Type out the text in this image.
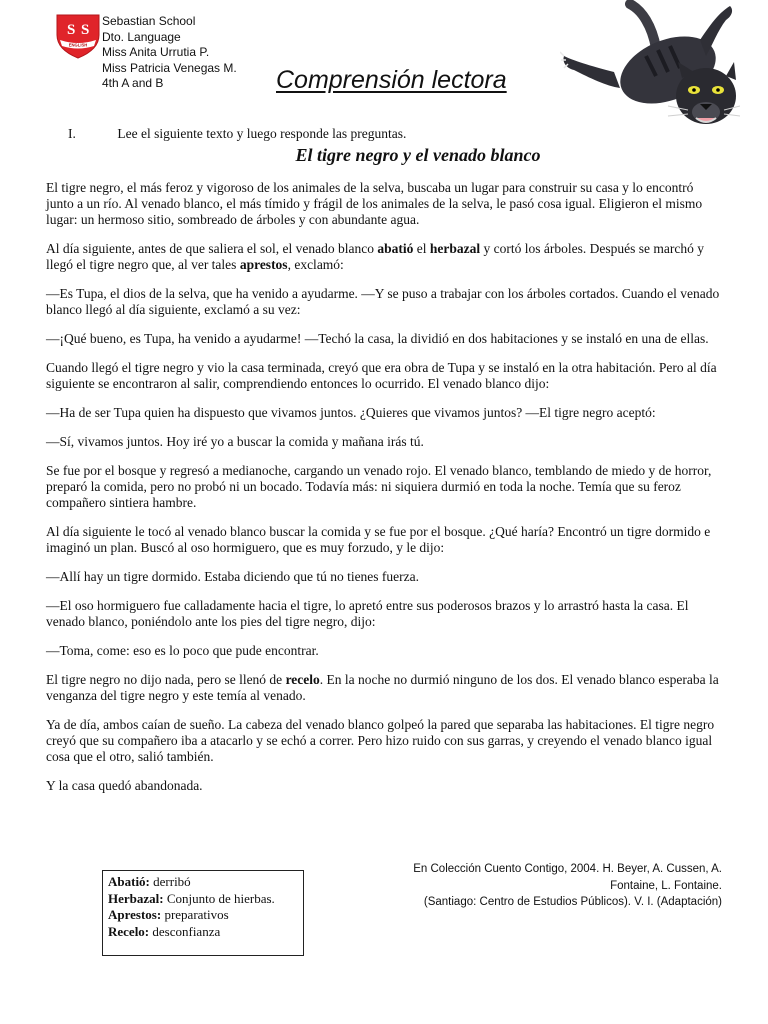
S S
ENGLISH
Sebastian School
Dto. Language
Miss Anita Urrutia P.
Miss Patricia Venegas M.
4th A and B	Comprensión lectora
I.	Lee el siguiente texto y luego responde las preguntas.
El tigre negro y el venado blanco

El tigre negro, el más feroz y vigoroso de los animales de la selva, buscaba un lugar para construir su casa y lo encontró junto a un río. Al venado blanco, el más tímido y frágil de los animales de la selva, le pasó cosa igual. Eligieron el mismo lugar: un hermoso sitio, sombreado de árboles y con abundante agua.

Al día siguiente, antes de que saliera el sol, el venado blanco abatió el herbazal y cortó los árboles. Después se marchó y llegó el tigre negro que, al ver tales aprestos, exclamó:

—Es Tupa, el dios de la selva, que ha venido a ayudarme. —Y se puso a trabajar con los árboles cortados. Cuando el venado blanco llegó al día siguiente, exclamó a su vez:

—¡Qué bueno, es Tupa, ha venido a ayudarme! —Techó la casa, la dividió en dos habitaciones y se instaló en una de ellas.

Cuando llegó el tigre negro y vio la casa terminada, creyó que era obra de Tupa y se instaló en la otra habitación. Pero al día siguiente se encontraron al salir, comprendiendo entonces lo ocurrido. El venado blanco dijo:

—Ha de ser Tupa quien ha dispuesto que vivamos juntos. ¿Quieres que vivamos juntos? —El tigre negro aceptó:

—Sí, vivamos juntos. Hoy iré yo a buscar la comida y mañana irás tú.

Se fue por el bosque y regresó a medianoche, cargando un venado rojo. El venado blanco, temblando de miedo y de horror, preparó la comida, pero no probó ni un bocado. Todavía más: ni siquiera durmió en toda la noche. Temía que su feroz compañero sintiera hambre.

Al día siguiente le tocó al venado blanco buscar la comida y se fue por el bosque. ¿Qué haría? Encontró un tigre dormido e imaginó un plan. Buscó al oso hormiguero, que es muy forzudo, y le dijo:

—Allí hay un tigre dormido. Estaba diciendo que tú no tienes fuerza.

—El oso hormiguero fue calladamente hacia el tigre, lo apretó entre sus poderosos brazos y lo arrastró hasta la casa. El venado blanco, poniéndolo ante los pies del tigre negro, dijo:

—Toma, come: eso es lo poco que pude encontrar.

El tigre negro no dijo nada, pero se llenó de recelo. En la noche no durmió ninguno de los dos. El venado blanco esperaba la venganza del tigre negro y este temía al venado.

Ya de día, ambos caían de sueño. La cabeza del venado blanco golpeó la pared que separaba las habitaciones. El tigre negro creyó que su compañero iba a atacarlo y se echó a correr. Pero hizo ruido con sus garras, y creyendo el venado blanco igual cosa que el otro, salió también.

Y la casa quedó abandonada.

En Colección Cuento Contigo, 2004. H. Beyer, A. Cussen, A.
Fontaine, L. Fontaine.
(Santiago: Centro de Estudios Públicos). V. I. (Adaptación)
Abatió: derribó
Herbazal: Conjunto de hierbas.
Aprestos: preparativos
Recelo: desconfianza
